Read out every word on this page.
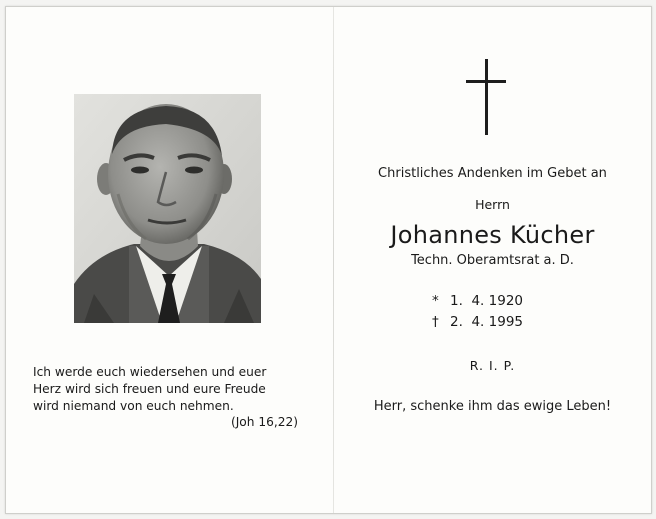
Ich werde euch wiedersehen und euer
Herz wird sich freuen und eure Freude
wird niemand von euch nehmen.
(Joh 16,22)
Christliches Andenken im Gebet an
Herrn
Johannes Kücher
Techn. Oberamtsrat a. D.
* 1.  4. 1920
† 2.  4. 1995
R. I. P.
Herr, schenke ihm das ewige Leben!
